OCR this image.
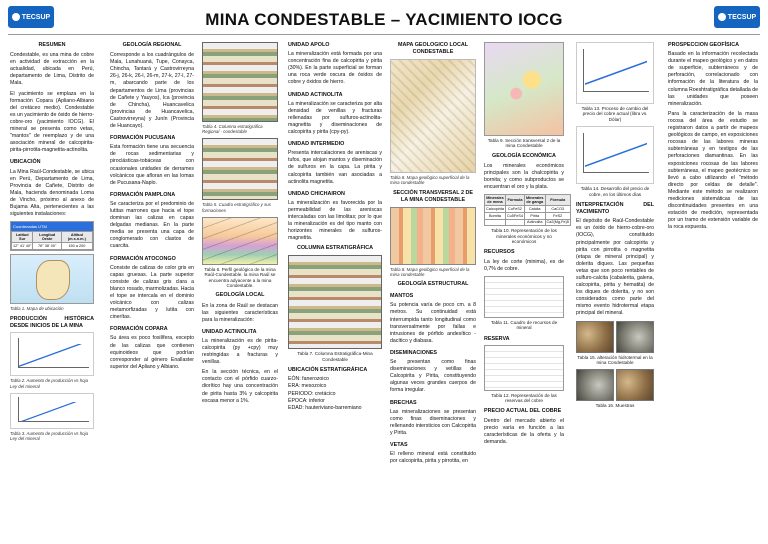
TECSUP	TECSUP
MINA CONDESTABLE – YACIMIENTO IOCG
RESUMEN

Condestable, es una mina de cobre en actividad de extracción en la actualidad, ubicada en Perú, departamento de Lima, Distrito de Mala.

El yacimiento se emplaza en la formación Copara (Apliano-Albiano del cretáceo medio). Condestable es un yacimiento de óxido de hierro-cobre-oro (yacimiento IOCG). El mineral se presenta como vetas, "mantos" de reemplazo y de una asociación mineral de calcopirita-pirita-pirrotita-magnetita-actinolita.

UBICACIÓN

La Mina Raúl-Condestable, se ubica en Perú, Departamento de Lima, Provincia de Cañete, Distrito de Mala, hacienda denominada Loma de Vincho, próximo al anexo de Bujama Alta, pertenecientes a las siguientes instalaciones:

Coordenadas UTM
Latitud Sur	Longitud Oeste	Altitud (m.s.n.m.)
12° 41' 40"	76° 38' 00"	150 a 200
Tabla 1. Mapa de ubicación
PRODUCCIÓN HISTÓRICA DESDE INICIOS DE LA MINA
Tabla 2. Aumento de producción vs hoja Ley del mineral
Tabla 3. Aumento de producción vs hoja Ley del mineral
GEOLOGÍA REGIONAL

Corresponde a los cuadrángulos de Mala, Lunahuaná, Tupe, Conayca, Chincha, Tantará y Castrovirreyna 26-j, 26-k, 26-l, 26-m, 27-k, 27-l, 27-m, abarcando parte de los departamentos de Lima (provincias de Cañete y Yauyos), Ica (provincia de Chincha), Huancavelica (provincias de Huancavelica, Castrovirreyna) y Junín (Provincia de Huancayo).

FORMACIÓN PUCUSANA

Esta formación tiene una secuencia de rocas sedimentarias y piroclásticas-tobáceas con ocasionales unidades de derrames volcánicos que afloran en las lomas de Pucusana-Naplo.

FORMACIÓN PAMPLONA

Se caracteriza por el predominio de lutitas marrones que hacia el tope dominan las calizas en capas delgadas medianas. En la parte media se presenta una capa de conglomerado con clastos de cuarcita.

FORMACIÓN ATOCONGO

Consiste de calizas de color gris en capas gruesas. La parte superior consiste de calizas gris clara a blanco rosado, marmolizadas. Hacia el tope se intercala en el dominio volcánico con calizas metamorfizadas y lutita con cinerítas.

FORMACIÓN COPARA

Su área es poco fosilífera, excepto de las calizas que contienen equinoideos que podrían corresponder al género Enallaster superior del Apliano y Albiano.

Tabla 4. Columna estratigráfica Regional - condestable
Tabla 5. Cuadro estratigráfico y sus formaciones
Tabla 6. Perfil geológico de la mina Raúl-Condestable. la mina Raúl se encuentra adyacente a la mina Condestable.
GEOLOGÍA LOCAL

En la zona de Raúl se destacan las siguientes características para la mineralización:

UNIDAD ACTINOLITA

La mineralización es de pirita-calcopirita (py +cpy) muy restringidas a fracturas y venillas.

En la sección técnica, en el contacto con el pórfido cuarzo-diorítico hay una concentración de pirita hasta 3% y calcopirita escasa menor a 1%.

UNIDAD APOLO

La mineralización está formada por una concentración fina de calcopirita y pirita (30%). En la parte superficial se forman una roca verde oscura de óxidos de cobre y óxidos de hierro.

UNIDAD ACTINOLITA

La mineralización se caracteriza por alta densidad de venillas y fracturas rellenadas por sulfuros-actinolita-magnetita y diseminaciones de calcopirita y pirita (cpy-py).

UNIDAD INTERMEDIO

Presenta intercalaciones de areniscas y tufos, que alojan mantos y diseminación de sulfuros en la capa. La pirita y calcopirita también van asociadas a actinolita magnetita.

UNIDAD CHICHAIRON

La mineralización es favorecida por la permeabilidad de las areniscas intercaladas con las limolitas; por lo que la mineralización es del tipo manto con horizontes minerales de sulfuros-magnetita.

COLUMNA ESTRATIGRÁFICA
Tabla 7. Columna Estratigráfica-Mina Condestable
UBICACIÓN ESTRATIGRÁFICA

EÓN: fanerozoico

ERA: mesozoico

PERIODO: cretácico

ÉPOCA: inferior

EDAD: hauteriviano-barremiano

MAPA GEOLOGICO LOCAL CONDESTABLE
Tabla 8. Mapa geológico superficial de la mina condestable
SECCIÓN TRANSVERSAL 2 DE LA MINA CONDESTABLE
Tabla 8. Mapa geológico superficial de la mina condestable
GEOLOGÍA ESTRUCTURAL
MANTOS

Su potencia varía de poco cm. a 8 metros. Su continuidad está interrumpida tanto longitudinal como transversalmente por fallas e intrusiones de pórfido andesítico - dacítico y diabasa.

DISEMINACIONES

Se presentan como finas diseminaciones y vetillas de Calcopirita y Pirita, constituyendo algunas veces grandes cuerpos de forma irregular.

BRECHAS

Las mineralizaciones se presentan como finas diseminaciones y rellenando intersticios con Calcopirita y Pirita.

VETAS

El relleno mineral está constituido por calcopirita, pirita y pirrotita, en

Tabla 9. Sección transversal 2 de la mina Condestable
GEOLOGÍA ECONÓMICA

Los minerales económicos principales son la chalcopirita y bornita; y como subproductos se encuentran el oro y la plata.

Minerales de mena	Fórmula	Minerales de ganga	Fórmula
Calcopirita	CuFeS2	Calcita	CaCO3
Bornita	Cu5FeS4	Pirita	FeS2
		Actinolita	Ca2(Mg,Fe)5
Tabla 10. Representación de los minerales económicos y no económicos
RECURSOS

La ley de corte (minima), es de 0,7% de cobre.

Tabla 11. Cuadro de recursos de mineral
RESERVA
Tabla 12. Representación de las reservas del cobre
PRECIO ACTUAL DEL COBRE

Dentro del mercado abierto el precio varía en función a las características de la oferta y la demanda.

Tabla 13. Proceso de cambio del precio del cobre actual (libra vs. Dólar)
Tabla 14. Desarrollo del precio de cobre, en los últimos días
INTERPRETACIÓN DEL YACIMIENTO

El depósito de Raúl-Condestable es un óxido de hierro-cobre-oro (IOCG), constituido principalmente por calcopirita y pirita con pirrotita o magnetita (etapa de mineral principal) y dolerita diques. Las pequeñas vetas que son poco rentables de sulfuro-calcita (cabalerita, galena, calcopirita, pirita y hematita) de los diques de dolerita, y no son considerados como parte del mismo evento hidrotermal etapa principal del mineral.

Tabla 15. alteración hidrotermal en la mina Condestable
Tabla 16. Muestras
PROSPECCION GEOFÍSICA

Basado en la información recolectada durante el mapeo geológico y en datos de superficie, subterráneos y de perforación, correlacionado con información de la literatura de la columna Roeshtratigráfica detallada de las unidades que poseen mineralización.

Para la caracterización de la masa rocosa del área de estudio se registraron datos a partir de mapeos geológicos de campo, en exposiciones rocosas de las labores mineras subterráneas y en testigos de las perforaciones diamantinas. En las exposiciones rocosas de las labores subterráneas, el mapeo geotécnico se llevó a cabo utilizando el "método directo por celdas de detalle". Mediante este método se realizaron mediciones sistemáticas de las discontinuidades presentes en una estación de medición, representada por un tramo de extensión variable de la roca expuesta.
